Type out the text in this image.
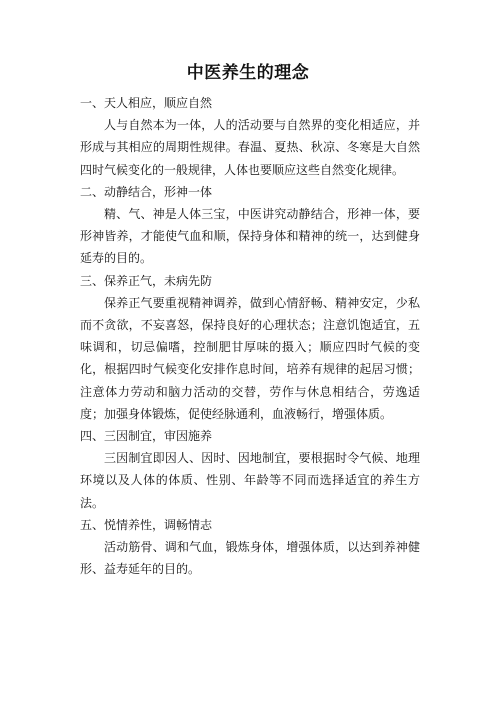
中医养生的理念

一、天人相应，顺应自然

人与自然本为一体，人的活动要与自然界的变化相适应，并形成与其相应的周期性规律。春温、夏热、秋凉、冬寒是大自然四时气候变化的一般规律，人体也要顺应这些自然变化规律。

二、动静结合，形神一体

精、气、神是人体三宝，中医讲究动静结合，形神一体，要形神皆养，才能使气血和顺，保持身体和精神的统一，达到健身延寿的目的。

三、保养正气，未病先防

保养正气要重视精神调养，做到心情舒畅、精神安定，少私而不贪欲，不妄喜怒，保持良好的心理状态；注意饥饱适宜，五味调和，切忌偏嗜，控制肥甘厚味的摄入；顺应四时气候的变化，根据四时气候变化安排作息时间，培养有规律的起居习惯；注意体力劳动和脑力活动的交替，劳作与休息相结合，劳逸适度；加强身体锻炼，促使经脉通利，血液畅行，增强体质。

四、三因制宜，审因施养

三因制宜即因人、因时、因地制宜，要根据时令气候、地理环境以及人体的体质、性别、年龄等不同而选择适宜的养生方法。

五、悦情养性，调畅情志

活动筋骨、调和气血，锻炼身体，增强体质，以达到养神健形、益寿延年的目的。
